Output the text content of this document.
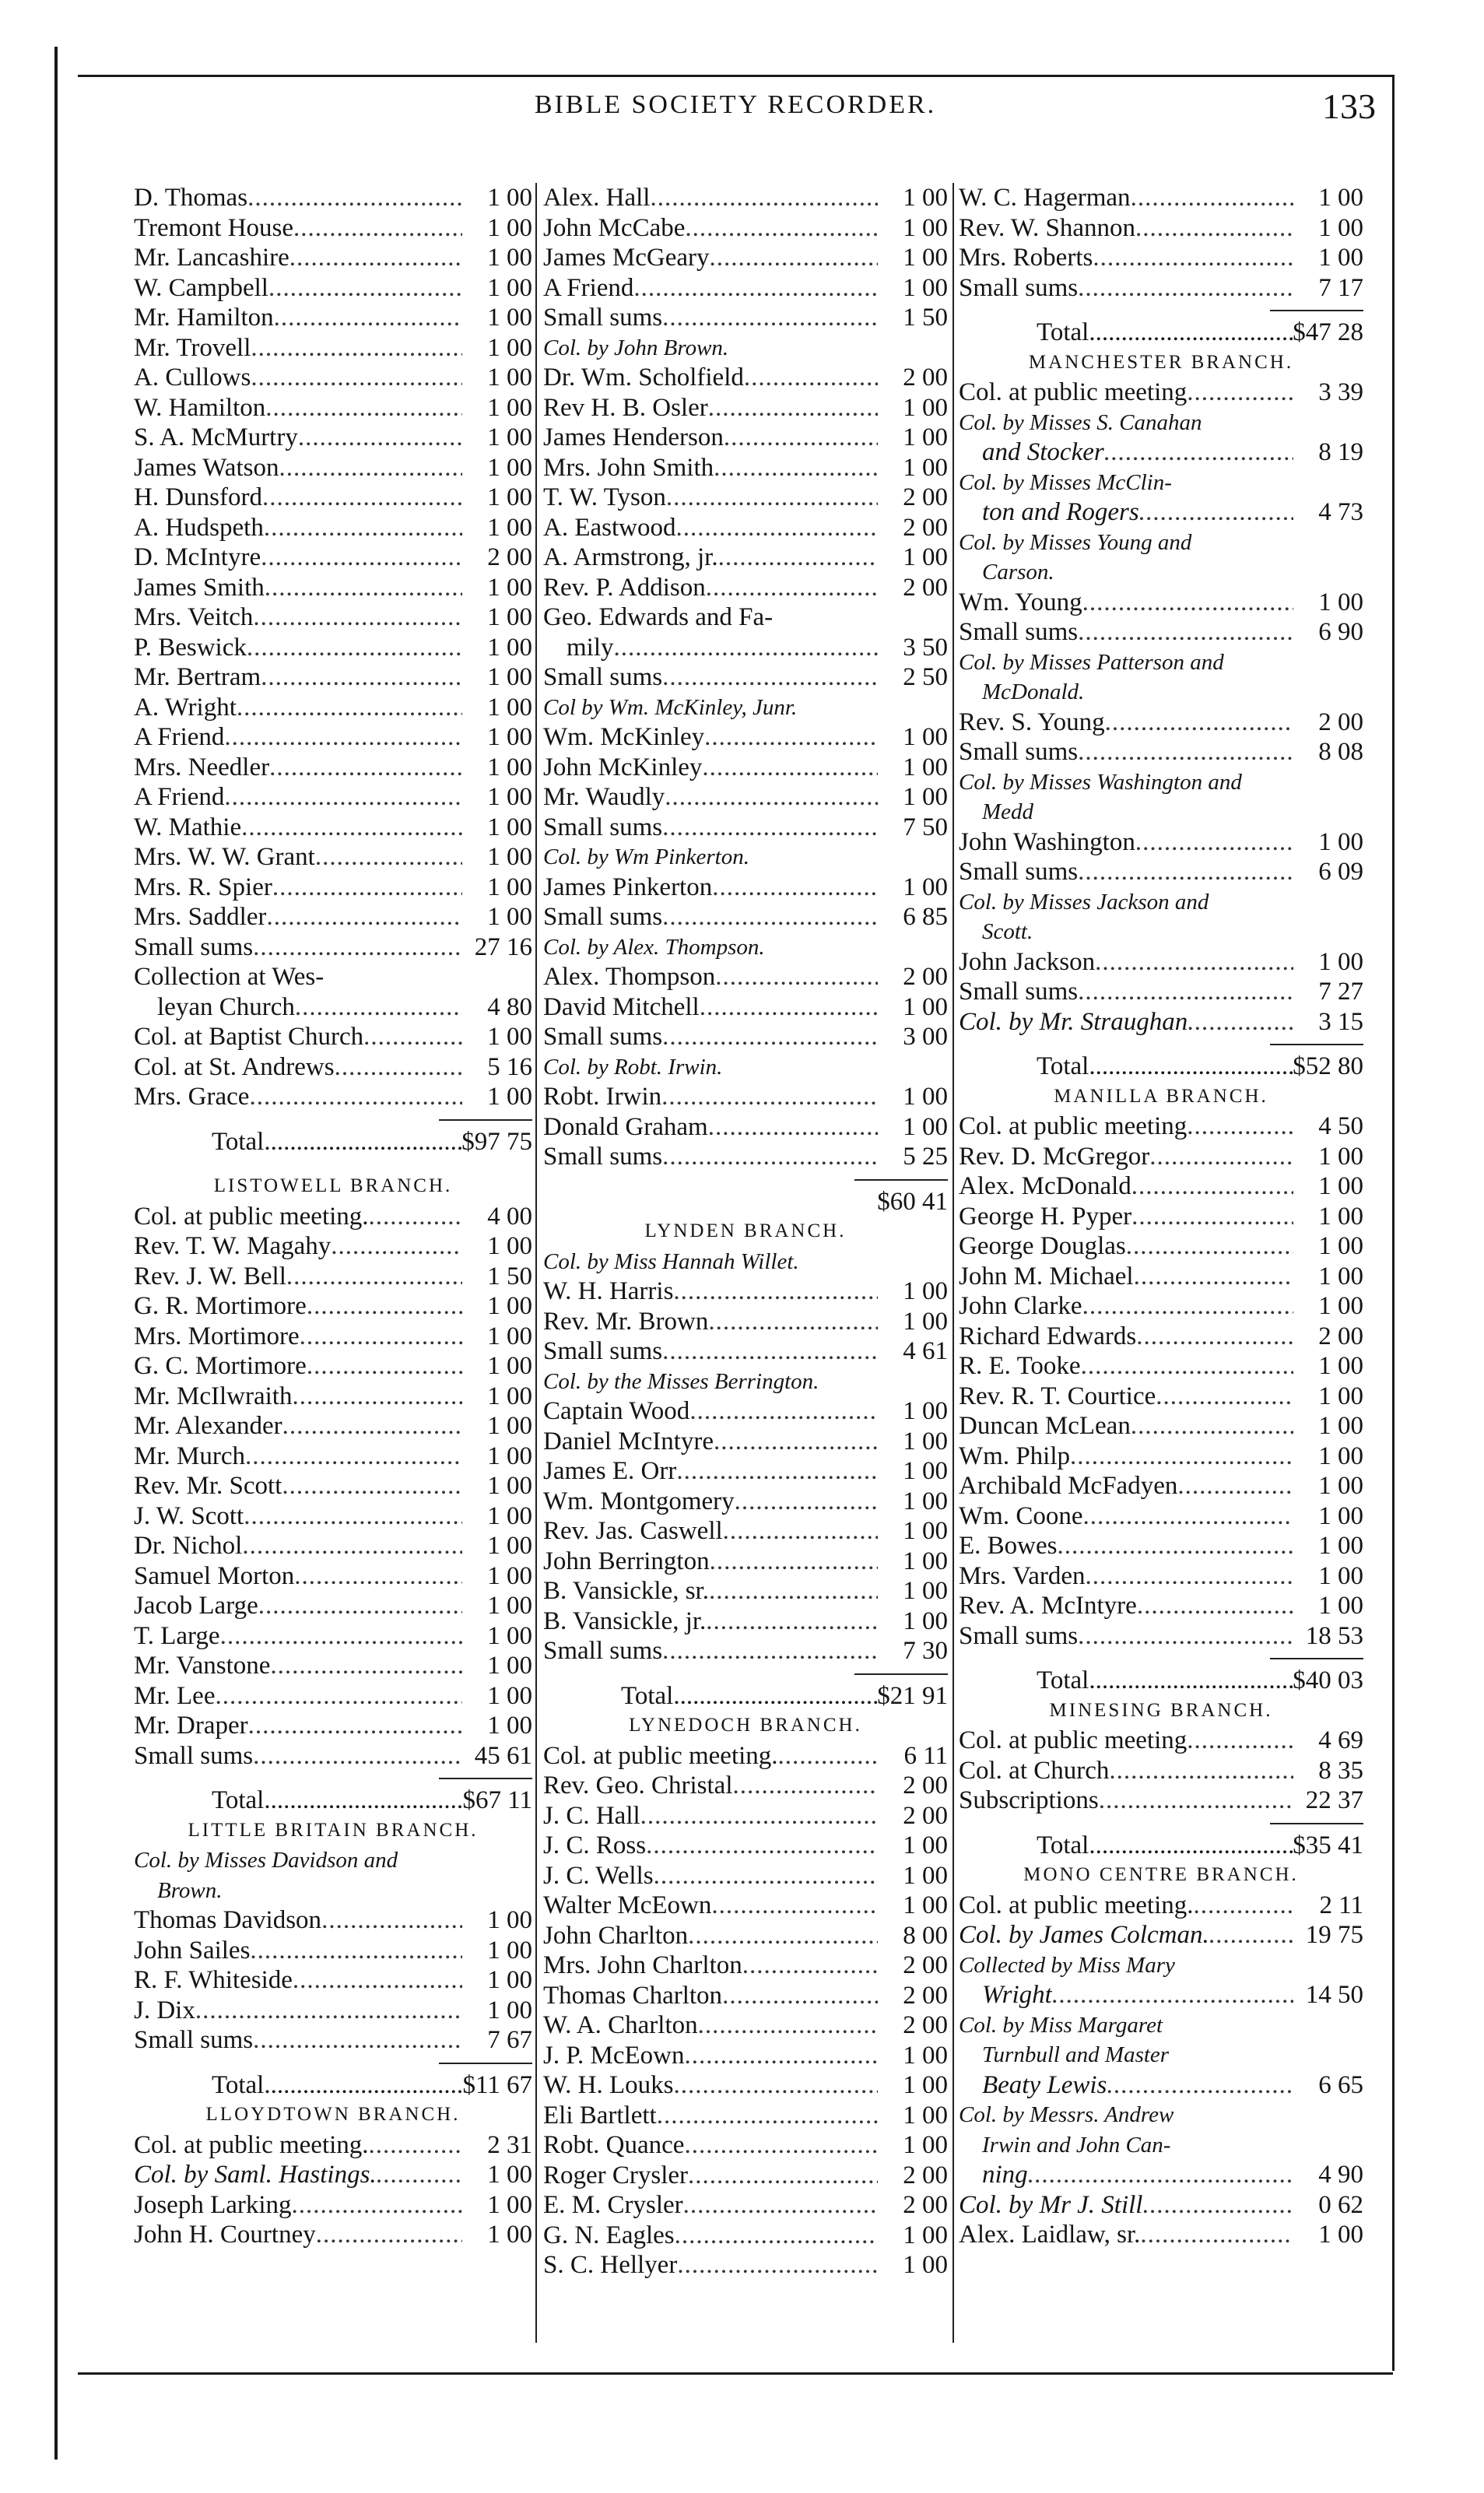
BIBLE SOCIETY RECORDER.	133
D. Thomas .....	1 00
Tremont House .....	1 00
Mr. Lancashire .....	1 00
W. Campbell .....	1 00
Mr. Hamilton .....	1 00
Mr. Trovell .....	1 00
A. Cullows .....	1 00
W. Hamilton .....	1 00
S. A. McMurtry .....	1 00
James Watson .....	1 00
H. Dunsford .....	1 00
A. Hudspeth .....	1 00
D. McIntyre .....	2 00
James Smith .....	1 00
Mrs. Veitch .....	1 00
P. Beswick .....	1 00
Mr. Bertram .....	1 00
A. Wright .....	1 00
A Friend .....	1 00
Mrs. Needler .....	1 00
A Friend .....	1 00
W. Mathie .....	1 00
Mrs. W. W. Grant .....	1 00
Mrs. R. Spier .....	1 00
Mrs. Saddler .....	1 00
Small sums .....	27 16
Collection at Wes-
leyan Church .....	4 80
Col. at Baptist Church .....	1 00
Col. at St. Andrews .....	5 16
Mrs. Grace .....	1 00
Total .....	$97 75
LISTOWELL BRANCH.
Col. at public meeting. .....	4 00
Rev. T. W. Magahy .....	1 00
Rev. J. W. Bell .....	1 50
G. R. Mortimore .....	1 00
Mrs. Mortimore .....	1 00
G. C. Mortimore .....	1 00
Mr. McIlwraith .....	1 00
Mr. Alexander .....	1 00
Mr. Murch .....	1 00
Rev. Mr. Scott .....	1 00
J. W. Scott .....	1 00
Dr. Nichol .....	1 00
Samuel Morton .....	1 00
Jacob Large .....	1 00
T. Large .....	1 00
Mr. Vanstone .....	1 00
Mr. Lee .....	1 00
Mr. Draper .....	1 00
Small sums .....	45 61
Total .....	$67 11
LITTLE BRITAIN BRANCH.
Col. by Misses Davidson and
Brown.
Thomas Davidson .....	1 00
John Sailes .....	1 00
R. F. Whiteside .....	1 00
J. Dix .....	1 00
Small sums .....	7 67
Total .....	$11 67
LLOYDTOWN BRANCH.
Col. at public meeting. .....	2 31
Col. by Saml. Hastings. .....	1 00
Joseph Larking .....	1 00
John H. Courtney .....	1 00
Alex. Hall .....	1 00
John McCabe .....	1 00
James McGeary .....	1 00
A Friend .....	1 00
Small sums .....	1 50
Col. by John Brown.
Dr. Wm. Scholfield .....	2 00
Rev H. B. Osler .....	1 00
James Henderson .....	1 00
Mrs. John Smith .....	1 00
T. W. Tyson .....	2 00
A. Eastwood .....	2 00
A. Armstrong, jr. .....	1 00
Rev. P. Addison .....	2 00
Geo. Edwards and Fa-
mily .....	3 50
Small sums .....	2 50
Col by Wm. McKinley, Junr.
Wm. McKinley .....	1 00
John McKinley .....	1 00
Mr. Waudly .....	1 00
Small sums .....	7 50
Col. by Wm Pinkerton.
James Pinkerton .....	1 00
Small sums .....	6 85
Col. by Alex. Thompson.
Alex. Thompson .....	2 00
David Mitchell .....	1 00
Small sums .....	3 00
Col. by Robt. Irwin.
Robt. Irwin .....	1 00
Donald Graham .....	1 00
Small sums .....	5 25
$60 41
LYNDEN BRANCH.
Col. by Miss Hannah Willet.
W. H. Harris .....	1 00
Rev. Mr. Brown .....	1 00
Small sums .....	4 61
Col. by the Misses Berrington.
Captain Wood .....	1 00
Daniel McIntyre .....	1 00
James E. Orr .....	1 00
Wm. Montgomery .....	1 00
Rev. Jas. Caswell .....	1 00
John Berrington .....	1 00
B. Vansickle, sr. .....	1 00
B. Vansickle, jr. .....	1 00
Small sums .....	7 30
Total .....	$21 91
LYNEDOCH BRANCH.
Col. at public meeting. .....	6 11
Rev. Geo. Christal .....	2 00
J. C. Hall .....	2 00
J. C. Ross .....	1 00
J. C. Wells .....	1 00
Walter McEown .....	1 00
John Charlton .....	8 00
Mrs. John Charlton .....	2 00
Thomas Charlton .....	2 00
W. A. Charlton .....	2 00
J. P. McEown .....	1 00
W. H. Louks .....	1 00
Eli Bartlett .....	1 00
Robt. Quance .....	1 00
Roger Crysler .....	2 00
E. M. Crysler .....	2 00
G. N. Eagles .....	1 00
S. C. Hellyer .....	1 00
W. C. Hagerman .....	1 00
Rev. W. Shannon .....	1 00
Mrs. Roberts .....	1 00
Small sums .....	7 17
Total .....	$47 28
MANCHESTER BRANCH.
Col. at public meeting .....	3 39
Col. by Misses S. Canahan
and Stocker .....	8 19
Col. by Misses McClin-
ton and Rogers .....	4 73
Col. by Misses Young and
Carson.
Wm. Young .....	1 00
Small sums .....	6 90
Col. by Misses Patterson and
McDonald.
Rev. S. Young .....	2 00
Small sums .....	8 08
Col. by Misses Washington and
Medd
John Washington .....	1 00
Small sums .....	6 09
Col. by Misses Jackson and
Scott.
John Jackson .....	1 00
Small sums .....	7 27
Col. by Mr. Straughan .....	3 15
Total .....	$52 80
MANILLA BRANCH.
Col. at public meeting .....	4 50
Rev. D. McGregor .....	1 00
Alex. McDonald .....	1 00
George H. Pyper .....	1 00
George Douglas .....	1 00
John M. Michael .....	1 00
John Clarke .....	1 00
Richard Edwards .....	2 00
R. E. Tooke .....	1 00
Rev. R. T. Courtice .....	1 00
Duncan McLean .....	1 00
Wm. Philp .....	1 00
Archibald McFadyen .....	1 00
Wm. Coone .....	1 00
E. Bowes .....	1 00
Mrs. Varden .....	1 00
Rev. A. McIntyre .....	1 00
Small sums .....	18 53
Total .....	$40 03
MINESING BRANCH.
Col. at public meeting .....	4 69
Col. at Church .....	8 35
Subscriptions .....	22 37
Total .....	$35 41
MONO CENTRE BRANCH.
Col. at public meeting. .....	2 11
Col. by James Colcman. .....	19 75
Collected by Miss Mary
Wright .....	14 50
Col. by Miss Margaret
Turnbull and Master
Beaty Lewis .....	6 65
Col. by Messrs. Andrew
Irwin and John Can-
ning .....	4 90
Col. by Mr J. Still .....	0 62
Alex. Laidlaw, sr. .....	1 00
